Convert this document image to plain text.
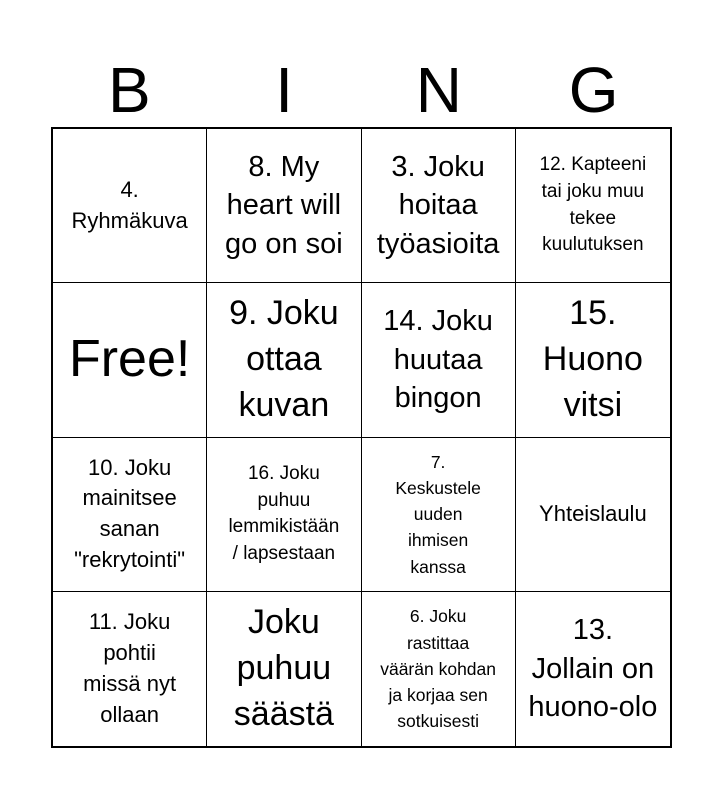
B	I	N	G
4.
Ryhmäkuva
8. My
heart will
go on soi
3. Joku
hoitaa
työasioita
12. Kapteeni
tai joku muu
tekee
kuulutuksen
Free!
9. Joku
ottaa
kuvan
14. Joku
huutaa
bingon
15.
Huono
vitsi
10. Joku
mainitsee
sanan
"rekrytointi"
16. Joku
puhuu
lemmikistään
/ lapsestaan
7.
Keskustele
uuden
ihmisen
kanssa
Yhteislaulu
11. Joku
pohtii
missä nyt
ollaan
Joku
puhuu
säästä
6. Joku
rastittaa
väärän kohdan
ja korjaa sen
sotkuisesti
13.
Jollain on
huono-olo
